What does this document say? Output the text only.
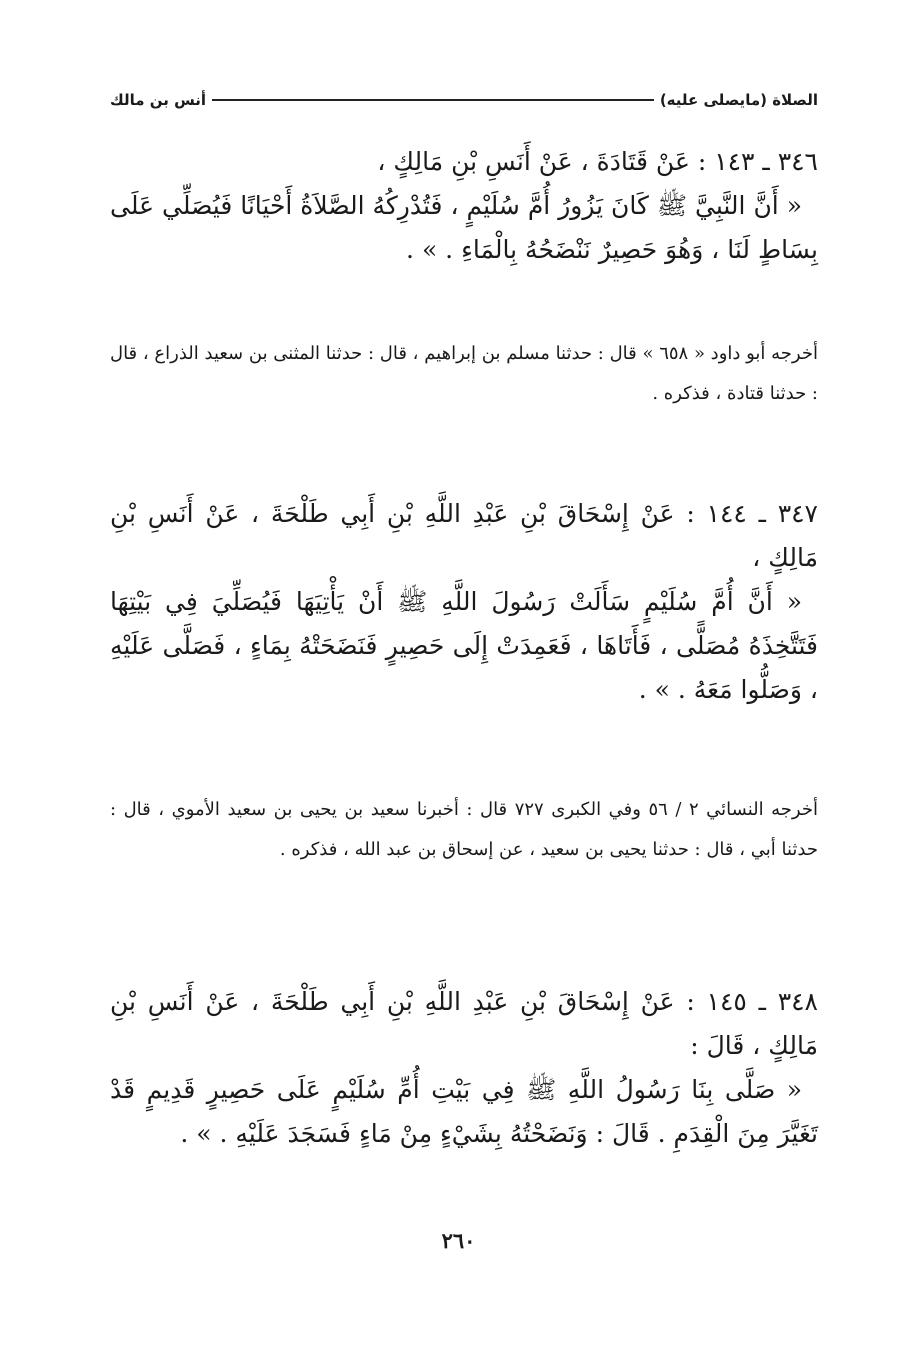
الصلاة (مايصلى عليه)
أنس بن مالك

٣٤٦ ـ ١٤٣ : عَنْ قَتَادَةَ ، عَنْ أَنَسِ بْنِ مَالِكٍ ،

« أَنَّ النَّبِيَّ ﷺ كَانَ يَزُورُ أُمَّ سُلَيْمٍ ، فَتُدْرِكُهُ الصَّلاَةُ أَحْيَانًا فَيُصَلِّي عَلَى بِسَاطٍ لَنَا ، وَهُوَ حَصِيرٌ نَنْضَحُهُ بِالْمَاءِ . » .

أخرجه أبو داود « ٦٥٨ » قال : حدثنا مسلم بن إبراهيم ، قال : حدثنا المثنى بن سعيد الذراع ، قال : حدثنا قتادة ، فذكره .

٣٤٧ ـ ١٤٤ : عَنْ إِسْحَاقَ بْنِ عَبْدِ اللَّهِ بْنِ أَبِي طَلْحَةَ ، عَنْ أَنَسِ بْنِ مَالِكٍ ،

« أَنَّ أُمَّ سُلَيْمٍ سَأَلَتْ رَسُولَ اللَّهِ ﷺ أَنْ يَأْتِيَهَا فَيُصَلِّيَ فِي بَيْتِهَا فَتَتَّخِذَهُ مُصَلًّى ، فَأَتَاهَا ، فَعَمِدَتْ إِلَى حَصِيرٍ فَنَضَحَتْهُ بِمَاءٍ ، فَصَلَّى عَلَيْهِ ، وَصَلُّوا مَعَهُ . » .

أخرجه النسائي ٢ / ٥٦ وفي الكبرى ٧٢٧ قال : أخبرنا سعيد بن يحيى بن سعيد الأموي ، قال : حدثنا أبي ، قال : حدثنا يحيى بن سعيد ، عن إسحاق بن عبد الله ، فذكره .

٣٤٨ ـ ١٤٥ : عَنْ إِسْحَاقَ بْنِ عَبْدِ اللَّهِ بْنِ أَبِي طَلْحَةَ ، عَنْ أَنَسِ بْنِ مَالِكٍ ، قَالَ :

« صَلَّى بِنَا رَسُولُ اللَّهِ ﷺ فِي بَيْتِ أُمِّ سُلَيْمٍ عَلَى حَصِيرٍ قَدِيمٍ قَدْ تَغَيَّرَ مِنَ الْقِدَمِ . قَالَ : وَنَضَحْتُهُ بِشَيْءٍ مِنْ مَاءٍ فَسَجَدَ عَلَيْهِ . » .

٢٦٠
